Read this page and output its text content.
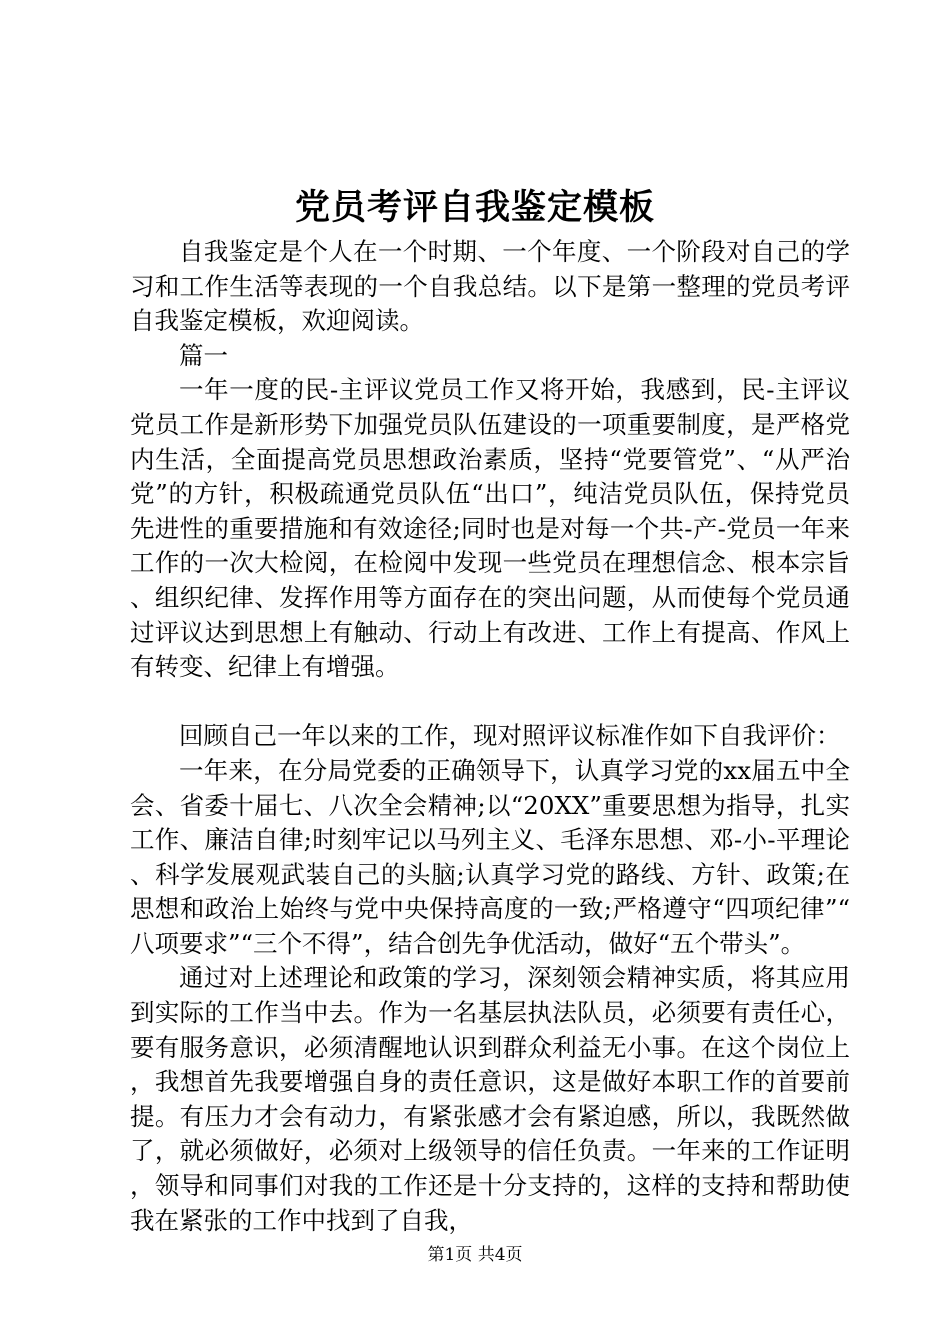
党员考评自我鉴定模板

自我鉴定是个人在一个时期、一个年度、一个阶段对自己的学习和工作生活等表现的一个自我总结。以下是第一整理的党员考评自我鉴定模板，欢迎阅读。

篇一

一年一度的民-主评议党员工作又将开始，我感到，民-主评议党员工作是新形势下加强党员队伍建设的一项重要制度，是严格党内生活，全面提高党员思想政治素质，坚持“党要管党”、“从严治党”的方针，积极疏通党员队伍“出口”，纯洁党员队伍，保持党员先进性的重要措施和有效途径;同时也是对每一个共-产-党员一年来工作的一次大检阅，在检阅中发现一些党员在理想信念、根本宗旨、组织纪律、发挥作用等方面存在的突出问题，从而使每个党员通过评议达到思想上有触动、行动上有改进、工作上有提高、作风上有转变、纪律上有增强。

回顾自己一年以来的工作，现对照评议标准作如下自我评价：

一年来，在分局党委的正确领导下，认真学习党的xx届五中全会、省委十届七、八次全会精神;以“20XX”重要思想为指导，扎实工作、廉洁自律;时刻牢记以马列主义、毛泽东思想、邓-小-平理论、科学发展观武装自己的头脑;认真学习党的路线、方针、政策;在思想和政治上始终与党中央保持高度的一致;严格遵守“四项纪律”“八项要求”“三个不得”，结合创先争优活动，做好“五个带头”。

通过对上述理论和政策的学习，深刻领会精神实质，将其应用到实际的工作当中去。作为一名基层执法队员，必须要有责任心，要有服务意识，必须清醒地认识到群众利益无小事。在这个岗位上，我想首先我要增强自身的责任意识，这是做好本职工作的首要前提。有压力才会有动力，有紧张感才会有紧迫感，所以，我既然做了，就必须做好，必须对上级领导的信任负责。一年来的工作证明，领导和同事们对我的工作还是十分支持的，这样的支持和帮助使我在紧张的工作中找到了自我，

第1页 共4页
